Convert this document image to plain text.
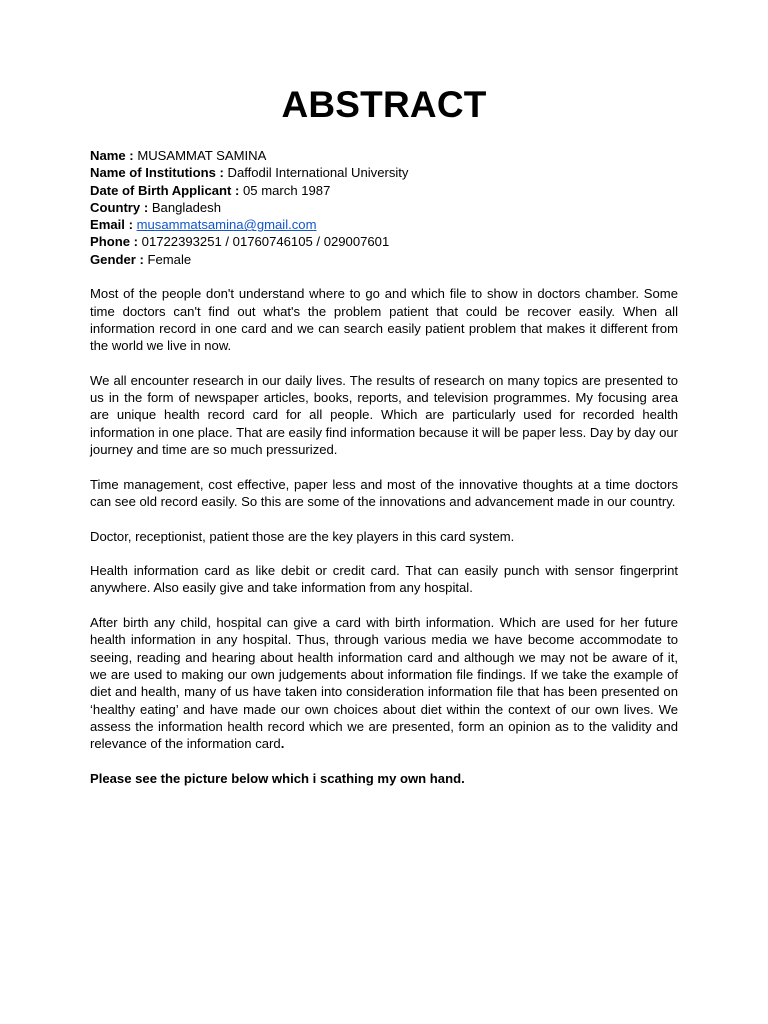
ABSTRACT

Name : MUSAMMAT SAMINA

Name of Institutions : Daffodil International University

Date of Birth Applicant : 05 march 1987

Country : Bangladesh

Email : musammatsamina@gmail.com

Phone : 01722393251 / 01760746105 / 029007601

Gender : Female

Most of the people don't understand where to go and which file to show in doctors chamber. Some time doctors can't find out what's the problem patient that could be recover easily. When all information record in one card and we can search easily patient problem that makes it different from the world we live in now.

We all encounter research in our daily lives. The results of research on many topics are presented to us in the form of newspaper articles, books, reports, and television programmes. My focusing area are unique health record card for all people. Which are particularly used for recorded health information in one place. That are easily find information because it will be paper less. Day by day our journey and time are so much pressurized.

Time management, cost effective, paper less and most of the innovative thoughts at a time doctors can see old record easily. So this are some of the innovations and advancement made in our country.

Doctor, receptionist, patient those are the key players in this card system.

Health information card as like debit or credit card. That can easily punch with sensor fingerprint anywhere. Also easily give and take information from any hospital.

After birth any child, hospital can give a card with birth information. Which are used for her future health information in any hospital. Thus, through various media we have become accommodate to seeing, reading and hearing about health information card and although we may not be aware of it, we are used to making our own judgements about information file findings. If we take the example of diet and health, many of us have taken into consideration information file that has been presented on ‘healthy eating’ and have made our own choices about diet within the context of our own lives. We assess the information health record which we are presented, form an opinion as to the validity and relevance of the information card.

Please see the picture below which i scathing my own hand.
